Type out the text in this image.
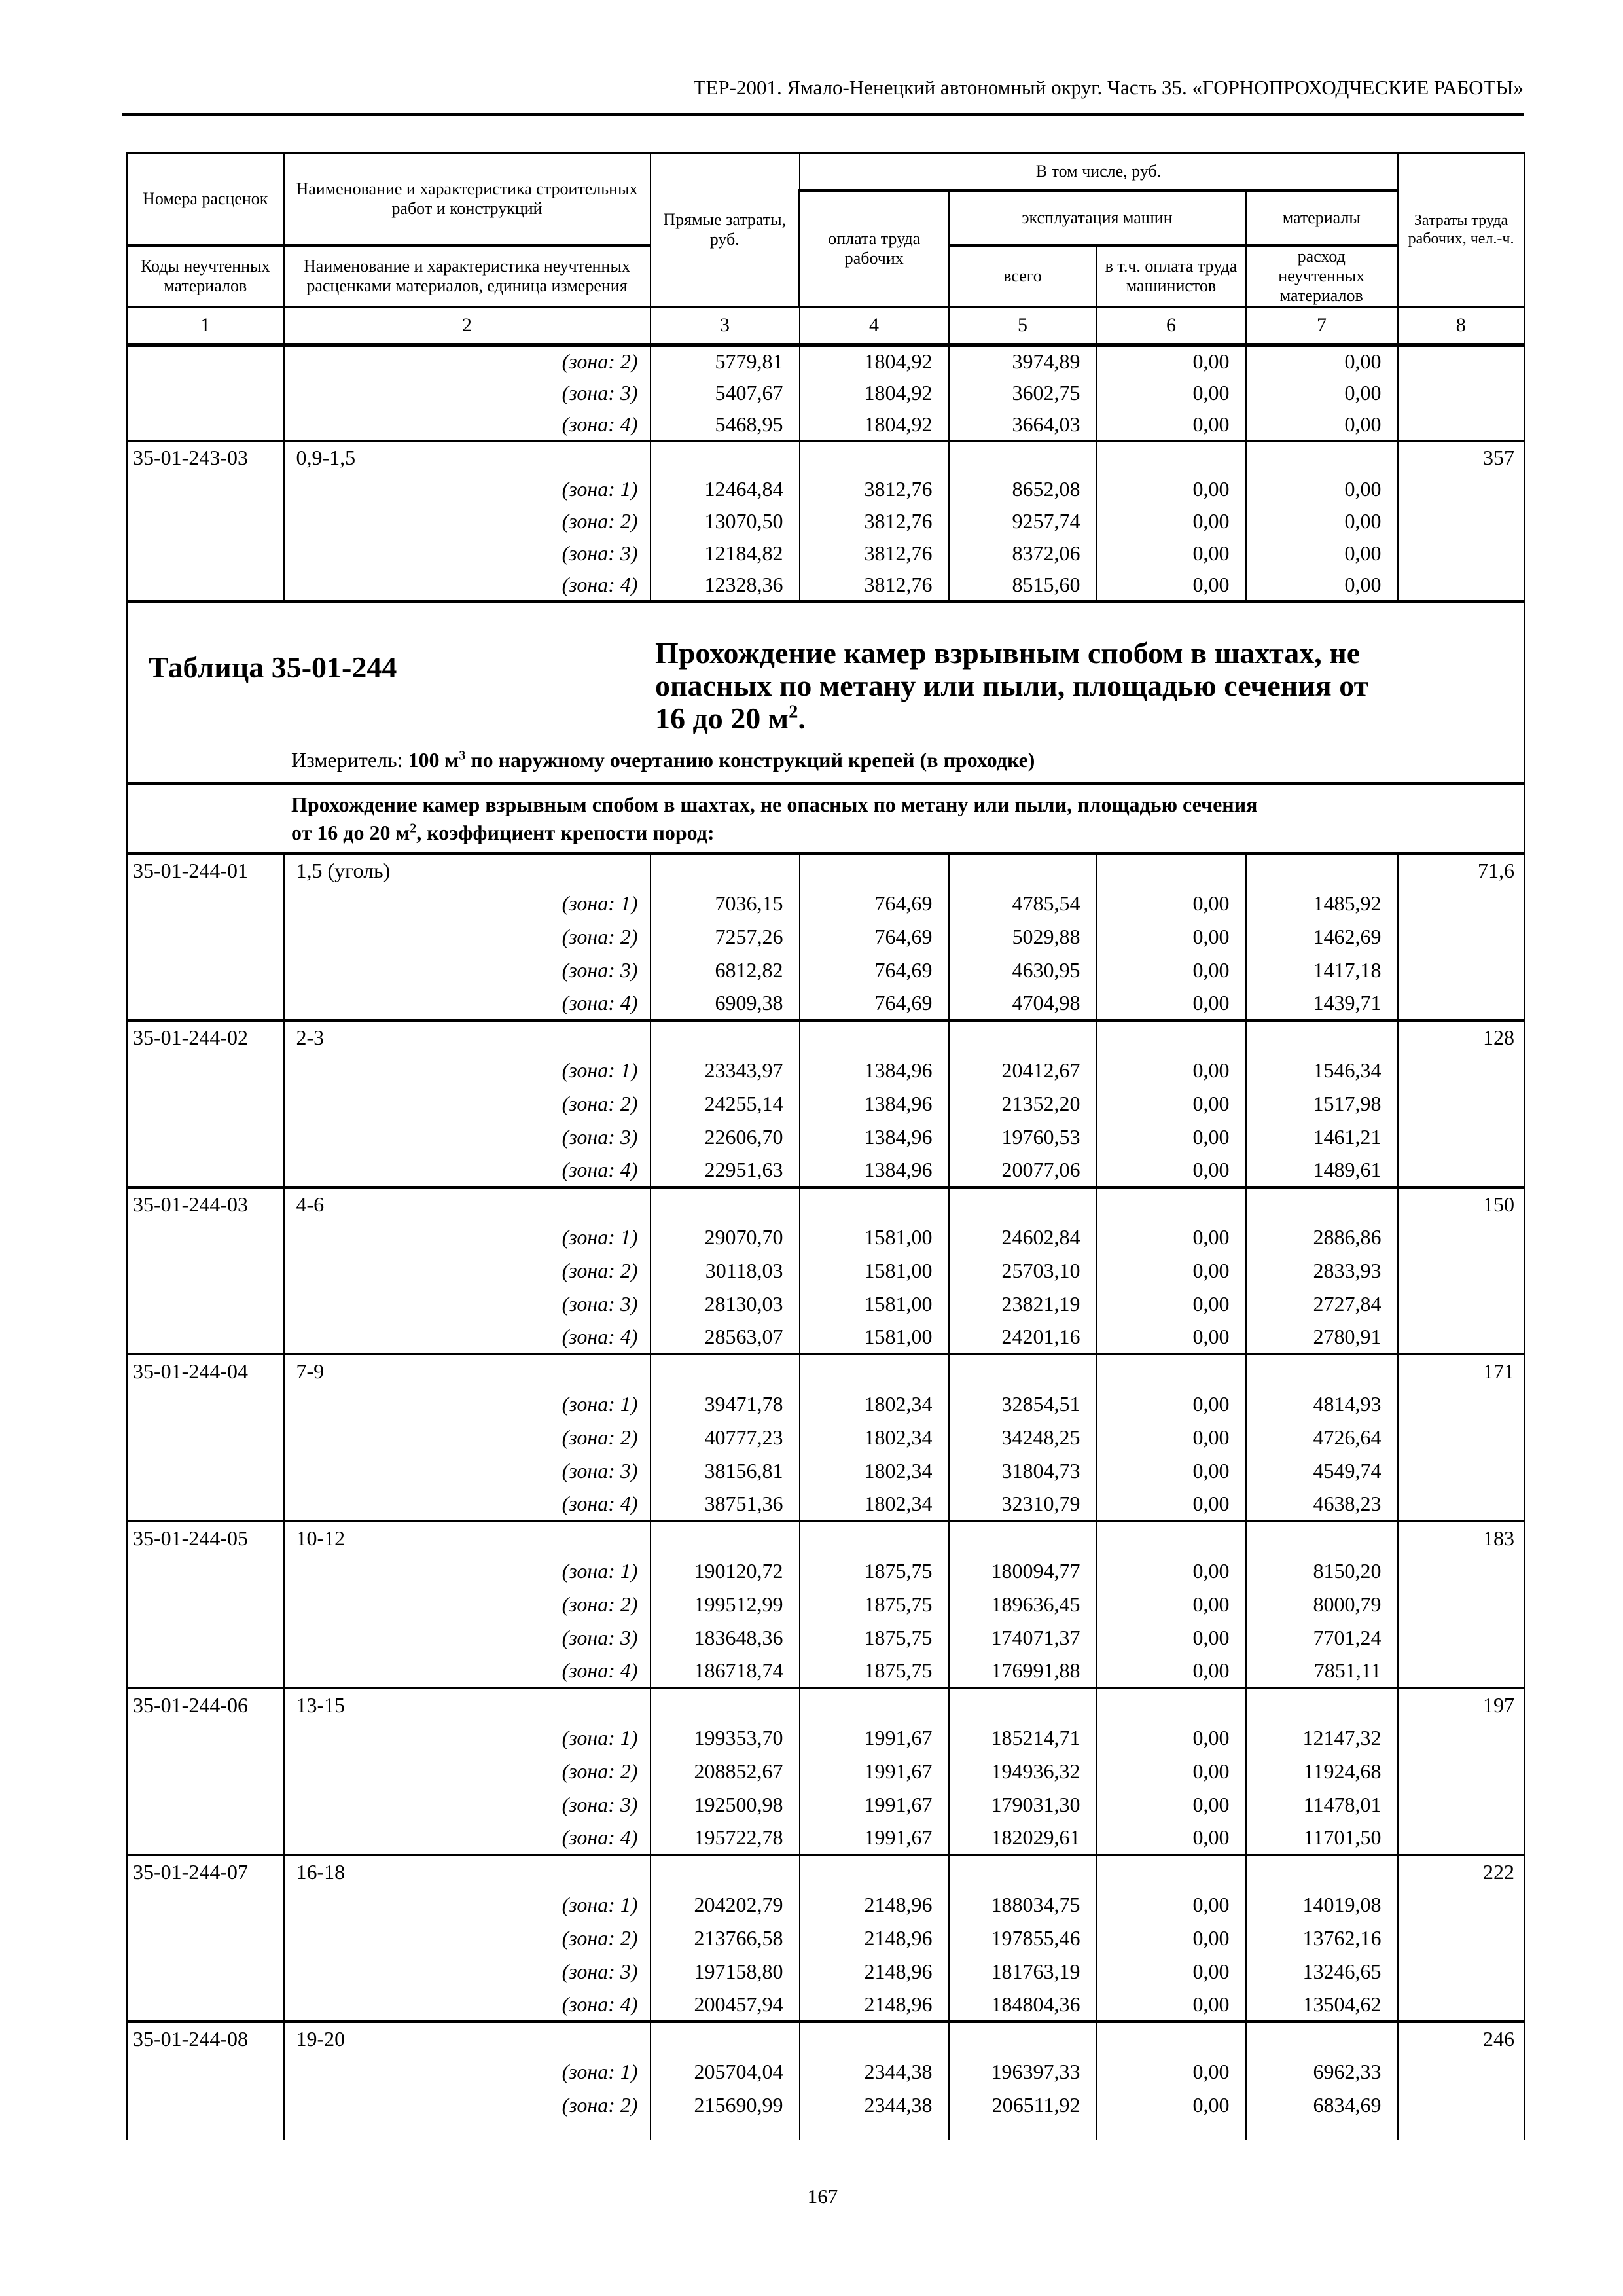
ТЕР-2001. Ямало-Ненецкий автономный округ. Часть 35. «ГОРНОПРОХОДЧЕСКИЕ РАБОТЫ»
Номера расценок	Наименование и характеристика строительных работ и конструкций	Прямые затраты, руб.	В том числе, руб.				Затраты труда рабочих, чел.-ч.
			оплата труда рабочих	эксплуатация машин		материалы	
Коды неучтенных материалов	Наименование и характеристика неучтенных расценками материалов, единица измерения			всего	в т.ч. оплата труда машинистов	расход неучтенных материалов	
1	2	3	4	5	6	7	8
	(зона: 2)	5779,81	1804,92	3974,89	0,00	0,00	
	(зона: 3)	5407,67	1804,92	3602,75	0,00	0,00	
	(зона: 4)	5468,95	1804,92	3664,03	0,00	0,00	
35-01-243-03	0,9-1,5						357
	(зона: 1)	12464,84	3812,76	8652,08	0,00	0,00	
	(зона: 2)	13070,50	3812,76	9257,74	0,00	0,00	
	(зона: 3)	12184,82	3812,76	8372,06	0,00	0,00	
	(зона: 4)	12328,36	3812,76	8515,60	0,00	0,00	

Таблица 35-01-244 Прохождение камер взрывным спобом в шахтах, не
опасных по метану или пыли, площадью сечения от
16 до 20 $м^2$.
Измеритель: 100 $м^3$ по наружному очертанию конструкций крепей (в проходке)							

Прохождение камер взрывным спобом в шахтах, не опасных по метану или пыли, площадью сечения
от 16 до 20 $м^2$, коэффициент крепости пород:							

35-01-244-01	1,5 (уголь)						71,6
	(зона: 1)	7036,15	764,69	4785,54	0,00	1485,92	
	(зона: 2)	7257,26	764,69	5029,88	0,00	1462,69	
	(зона: 3)	6812,82	764,69	4630,95	0,00	1417,18	
	(зона: 4)	6909,38	764,69	4704,98	0,00	1439,71	
35-01-244-02	2-3						128
	(зона: 1)	23343,97	1384,96	20412,67	0,00	1546,34	
	(зона: 2)	24255,14	1384,96	21352,20	0,00	1517,98	
	(зона: 3)	22606,70	1384,96	19760,53	0,00	1461,21	
	(зона: 4)	22951,63	1384,96	20077,06	0,00	1489,61	
35-01-244-03	4-6						150
	(зона: 1)	29070,70	1581,00	24602,84	0,00	2886,86	
	(зона: 2)	30118,03	1581,00	25703,10	0,00	2833,93	
	(зона: 3)	28130,03	1581,00	23821,19	0,00	2727,84	
	(зона: 4)	28563,07	1581,00	24201,16	0,00	2780,91	
35-01-244-04	7-9						171
	(зона: 1)	39471,78	1802,34	32854,51	0,00	4814,93	
	(зона: 2)	40777,23	1802,34	34248,25	0,00	4726,64	
	(зона: 3)	38156,81	1802,34	31804,73	0,00	4549,74	
	(зона: 4)	38751,36	1802,34	32310,79	0,00	4638,23	
35-01-244-05	10-12						183
	(зона: 1)	190120,72	1875,75	180094,77	0,00	8150,20	
	(зона: 2)	199512,99	1875,75	189636,45	0,00	8000,79	
	(зона: 3)	183648,36	1875,75	174071,37	0,00	7701,24	
	(зона: 4)	186718,74	1875,75	176991,88	0,00	7851,11	
35-01-244-06	13-15						197
	(зона: 1)	199353,70	1991,67	185214,71	0,00	12147,32	
	(зона: 2)	208852,67	1991,67	194936,32	0,00	11924,68	
	(зона: 3)	192500,98	1991,67	179031,30	0,00	11478,01	
	(зона: 4)	195722,78	1991,67	182029,61	0,00	11701,50	
35-01-244-07	16-18						222
	(зона: 1)	204202,79	2148,96	188034,75	0,00	14019,08	
	(зона: 2)	213766,58	2148,96	197855,46	0,00	13762,16	
	(зона: 3)	197158,80	2148,96	181763,19	0,00	13246,65	
	(зона: 4)	200457,94	2148,96	184804,36	0,00	13504,62	
35-01-244-08	19-20						246
	(зона: 1)	205704,04	2344,38	196397,33	0,00	6962,33	
	(зона: 2)	215690,99	2344,38	206511,92	0,00	6834,69	

167
